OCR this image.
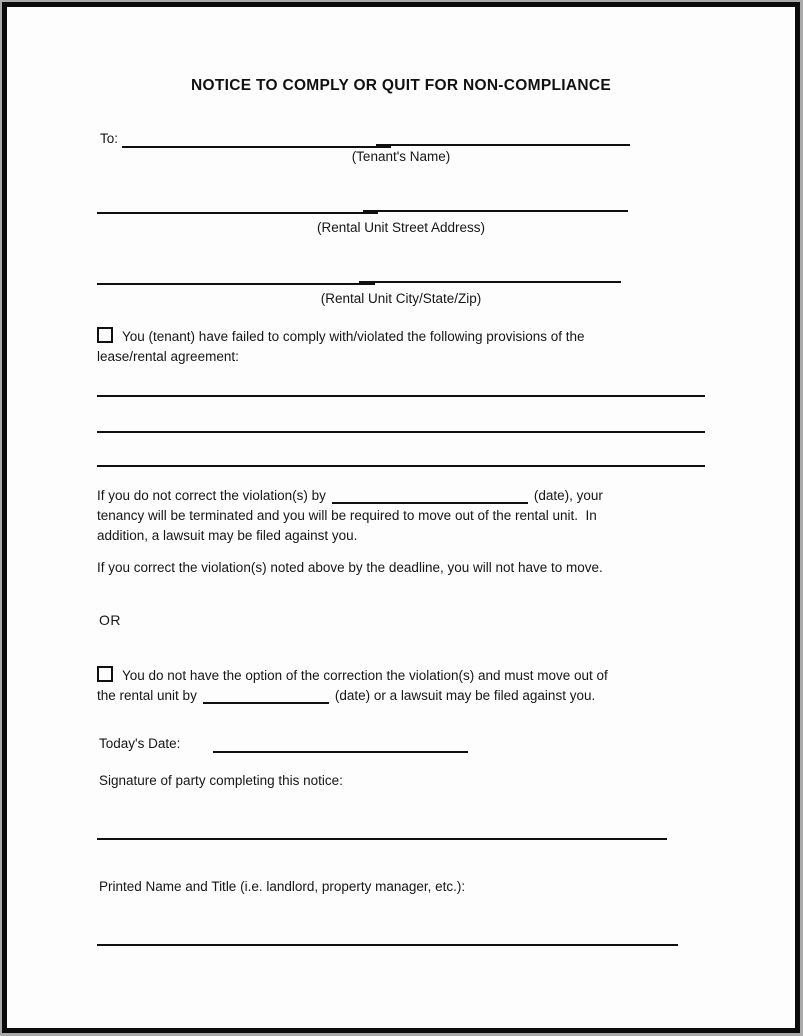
NOTICE TO COMPLY OR QUIT FOR NON-COMPLIANCE
To:
(Tenant's Name)
(Rental Unit Street Address)
(Rental Unit City/State/Zip)
You (tenant) have failed to comply with/violated the following provisions of the
lease/rental agreement:
If you do not correct the violation(s) by	(date), your
tenancy will be terminated and you will be required to move out of the rental unit.  In
addition, a lawsuit may be filed against you.
If you correct the violation(s) noted above by the deadline, you will not have to move.
OR
You do not have the option of the correction the violation(s) and must move out of
the rental unit by	(date) or a lawsuit may be filed against you.
Today's Date:
Signature of party completing this notice:
Printed Name and Title (i.e. landlord, property manager, etc.):
